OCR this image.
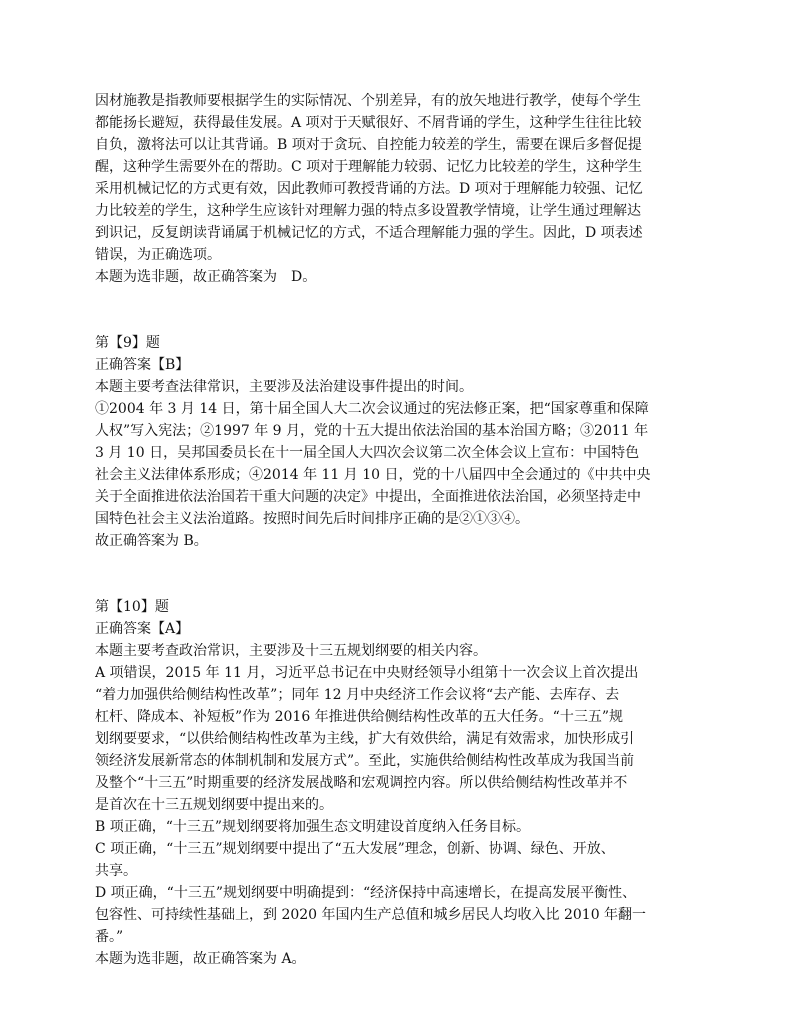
因材施教是指教师要根据学生的实际情况、个别差异，有的放矢地进行教学，使每个学生
都能扬长避短，获得最佳发展。A 项对于天赋很好、不屑背诵的学生，这种学生往往比较
自负，激将法可以让其背诵。B 项对于贪玩、自控能力较差的学生，需要在课后多督促提
醒，这种学生需要外在的帮助。C 项对于理解能力较弱、记忆力比较差的学生，这种学生
采用机械记忆的方式更有效，因此教师可教授背诵的方法。D 项对于理解能力较强、记忆
力比较差的学生，这种学生应该针对理解力强的特点多设置教学情境，让学生通过理解达
到识记，反复朗读背诵属于机械记忆的方式，不适合理解能力强的学生。因此，D 项表述
错误，为正确选项。
本题为选非题，故正确答案为　D。
第【9】题
正确答案【B】
本题主要考查法律常识，主要涉及法治建设事件提出的时间。
①2004 年 3 月 14 日，第十届全国人大二次会议通过的宪法修正案，把“国家尊重和保障
人权”写入宪法；②1997 年 9 月，党的十五大提出依法治国的基本治国方略；③2011 年
3 月 10 日，吴邦国委员长在十一届全国人大四次会议第二次全体会议上宣布：中国特色
社会主义法律体系形成；④2014 年 11 月 10 日，党的十八届四中全会通过的《中共中央
关于全面推进依法治国若干重大问题的决定》中提出，全面推进依法治国，必须坚持走中
国特色社会主义法治道路。按照时间先后时间排序正确的是②①③④。
故正确答案为 B。
第【10】题
正确答案【A】
本题主要考查政治常识，主要涉及十三五规划纲要的相关内容。
A 项错误，2015 年 11 月，习近平总书记在中央财经领导小组第十一次会议上首次提出
“着力加强供给侧结构性改革”；同年 12 月中央经济工作会议将“去产能、去库存、去
杠杆、降成本、补短板”作为 2016 年推进供给侧结构性改革的五大任务。“十三五”规
划纲要要求，“以供给侧结构性改革为主线，扩大有效供给，满足有效需求，加快形成引
领经济发展新常态的体制机制和发展方式”。至此，实施供给侧结构性改革成为我国当前
及整个“十三五”时期重要的经济发展战略和宏观调控内容。所以供给侧结构性改革并不
是首次在十三五规划纲要中提出来的。
B 项正确，“十三五”规划纲要将加强生态文明建设首度纳入任务目标。
C 项正确，“十三五”规划纲要中提出了“五大发展”理念，创新、协调、绿色、开放、
共享。
D 项正确，“十三五”规划纲要中明确提到：“经济保持中高速增长，在提高发展平衡性、
包容性、可持续性基础上，到 2020 年国内生产总值和城乡居民人均收入比 2010 年翻一
番。”
本题为选非题，故正确答案为 A。
